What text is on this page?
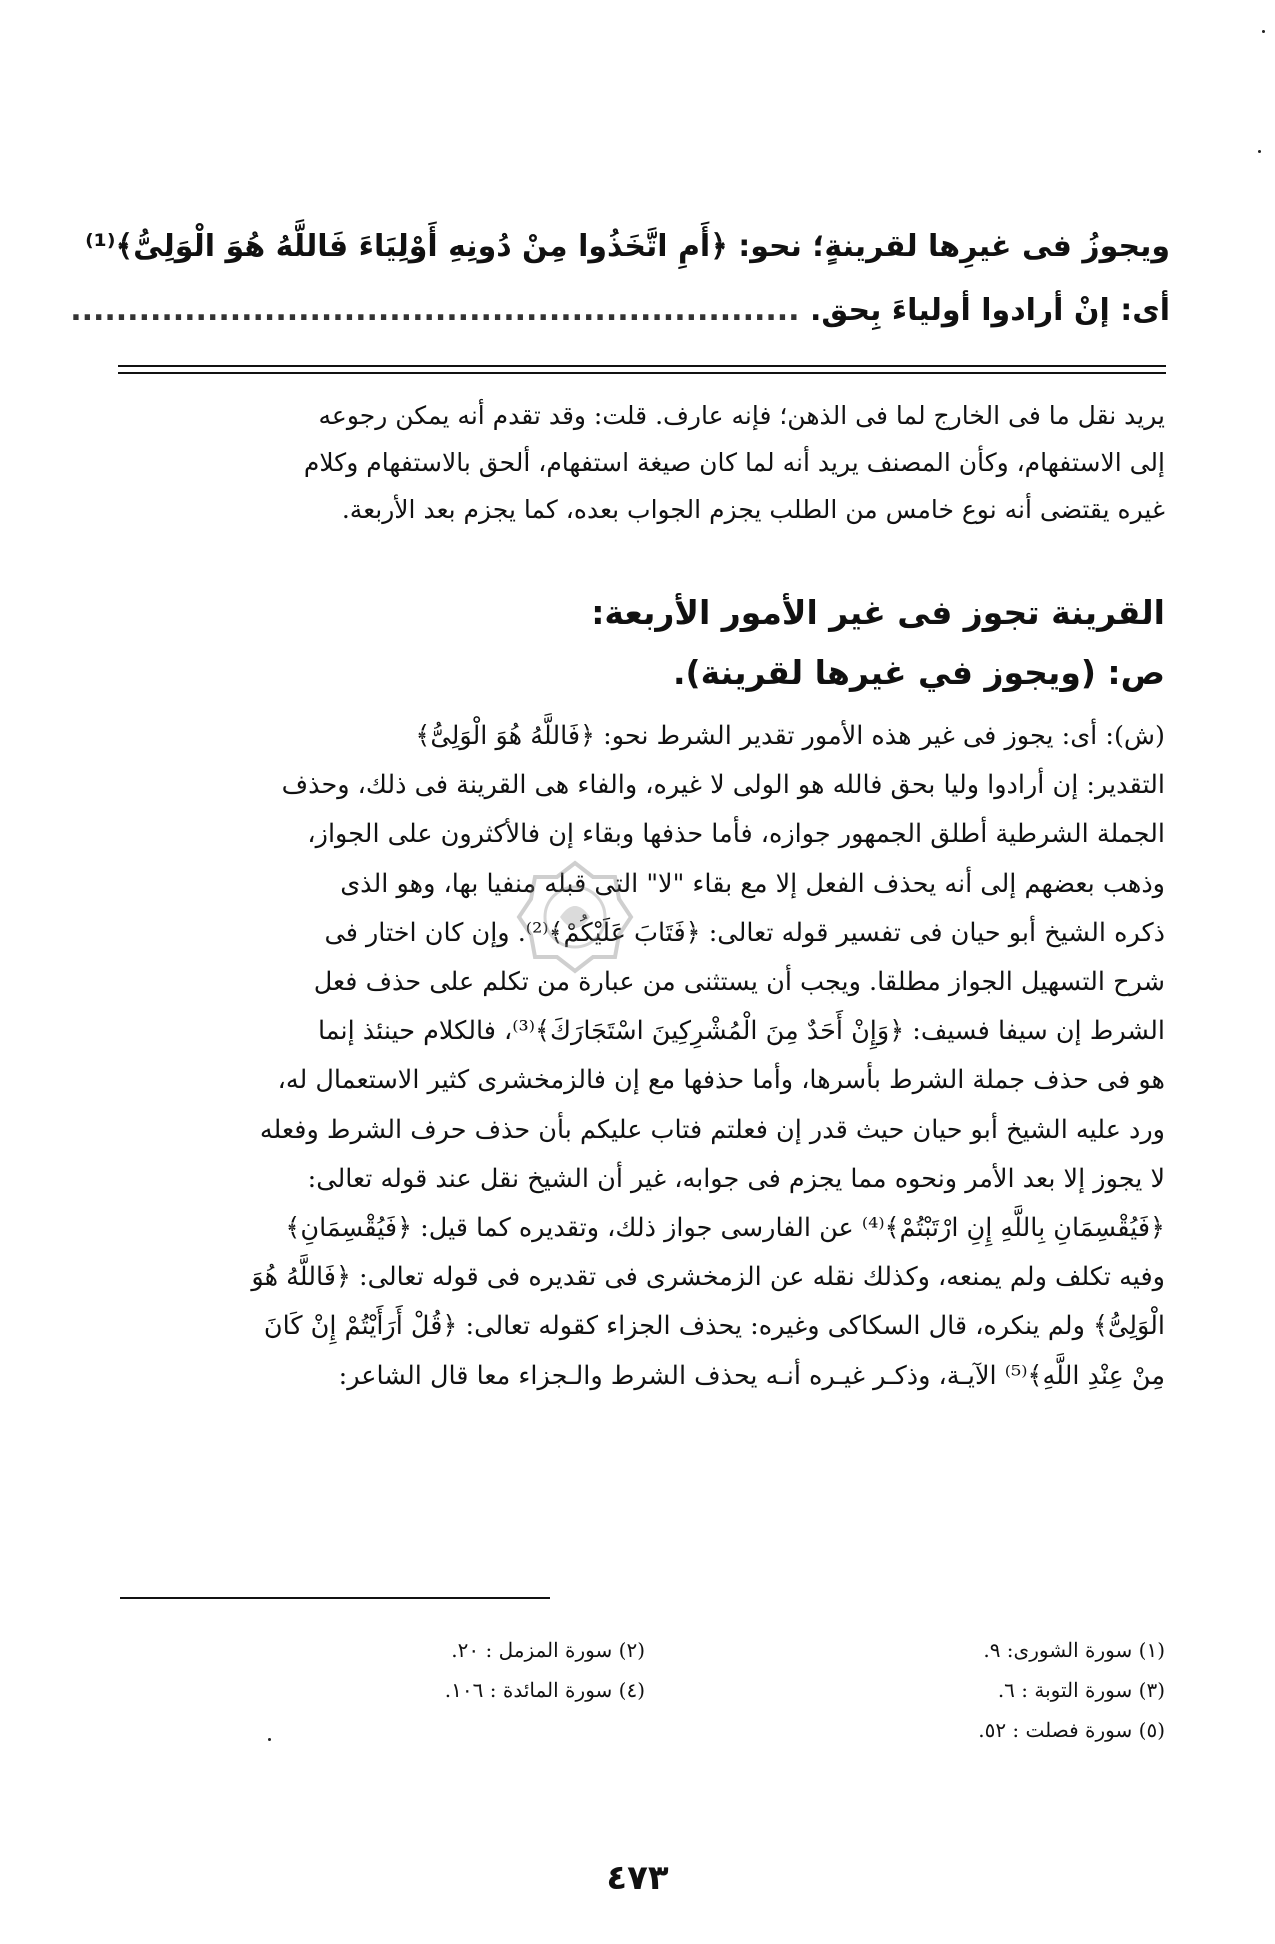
ويجوزُ فى غيرِها لقرينةٍ؛ نحو: ﴿أَمِ اتَّخَذُوا مِنْ دُونِهِ أَوْلِيَاءَ فَاللَّهُ هُوَ الْوَلِىُّ﴾⁽¹⁾
أى: إنْ أرادوا أولياءَ بِحق. ................................................................
يريد نقل ما فى الخارج لما فى الذهن؛ فإنه عارف. قلت: وقد تقدم أنه يمكن رجوعه
إلى الاستفهام، وكأن المصنف يريد أنه لما كان صيغة استفهام، ألحق بالاستفهام وكلام
غيره يقتضى أنه نوع خامس من الطلب يجزم الجواب بعده، كما يجزم بعد الأربعة.
القرينة تجوز فى غير الأمور الأربعة:
ص: (ويجوز في غيرها لقرينة).
(ش): أى: يجوز فى غير هذه الأمور تقدير الشرط نحو: ﴿فَاللَّهُ هُوَ الْوَلِىُّ﴾
التقدير: إن أرادوا وليا بحق فالله هو الولى لا غيره، والفاء هى القرينة فى ذلك، وحذف
الجملة الشرطية أطلق الجمهور جوازه، فأما حذفها وبقاء إن فالأكثرون على الجواز،
وذهب بعضهم إلى أنه يحذف الفعل إلا مع بقاء "لا" التى قبله منفيا بها، وهو الذى
ذكره الشيخ أبو حيان فى تفسير قوله تعالى: ﴿فَتَابَ عَلَيْكُمْ﴾⁽²⁾. وإن كان اختار فى
شرح التسهيل الجواز مطلقا. ويجب أن يستثنى من عبارة من تكلم على حذف فعل
الشرط إن سيفا فسيف: ﴿وَإِنْ أَحَدٌ مِنَ الْمُشْرِكِينَ اسْتَجَارَكَ﴾⁽³⁾، فالكلام حينئذ إنما
هو فى حذف جملة الشرط بأسرها، وأما حذفها مع إن فالزمخشرى كثير الاستعمال له،
ورد عليه الشيخ أبو حيان حيث قدر إن فعلتم فتاب عليكم بأن حذف حرف الشرط وفعله
لا يجوز إلا بعد الأمر ونحوه مما يجزم فى جوابه، غير أن الشيخ نقل عند قوله تعالى:
﴿فَيُقْسِمَانِ بِاللَّهِ إِنِ ارْتَبْتُمْ﴾⁽⁴⁾ عن الفارسى جواز ذلك، وتقديره كما قيل: ﴿فَيُقْسِمَانِ﴾
وفيه تكلف ولم يمنعه، وكذلك نقله عن الزمخشرى فى تقديره فى قوله تعالى: ﴿فَاللَّهُ هُوَ
الْوَلِىُّ﴾ ولم ينكره، قال السكاكى وغيره: يحذف الجزاء كقوله تعالى: ﴿قُلْ أَرَأَيْتُمْ إِنْ كَانَ
مِنْ عِنْدِ اللَّهِ﴾⁽⁵⁾ الآيـة، وذكـر غيـره أنـه يحذف الشرط والـجزاء معا قال الشاعر:
(١) سورة الشورى: ٩.
(٢) سورة المزمل : ٢٠.
(٣) سورة التوبة : ٦.
(٤) سورة المائدة : ١٠٦.
(٥) سورة فصلت : ٥٢.
٤٧٣
